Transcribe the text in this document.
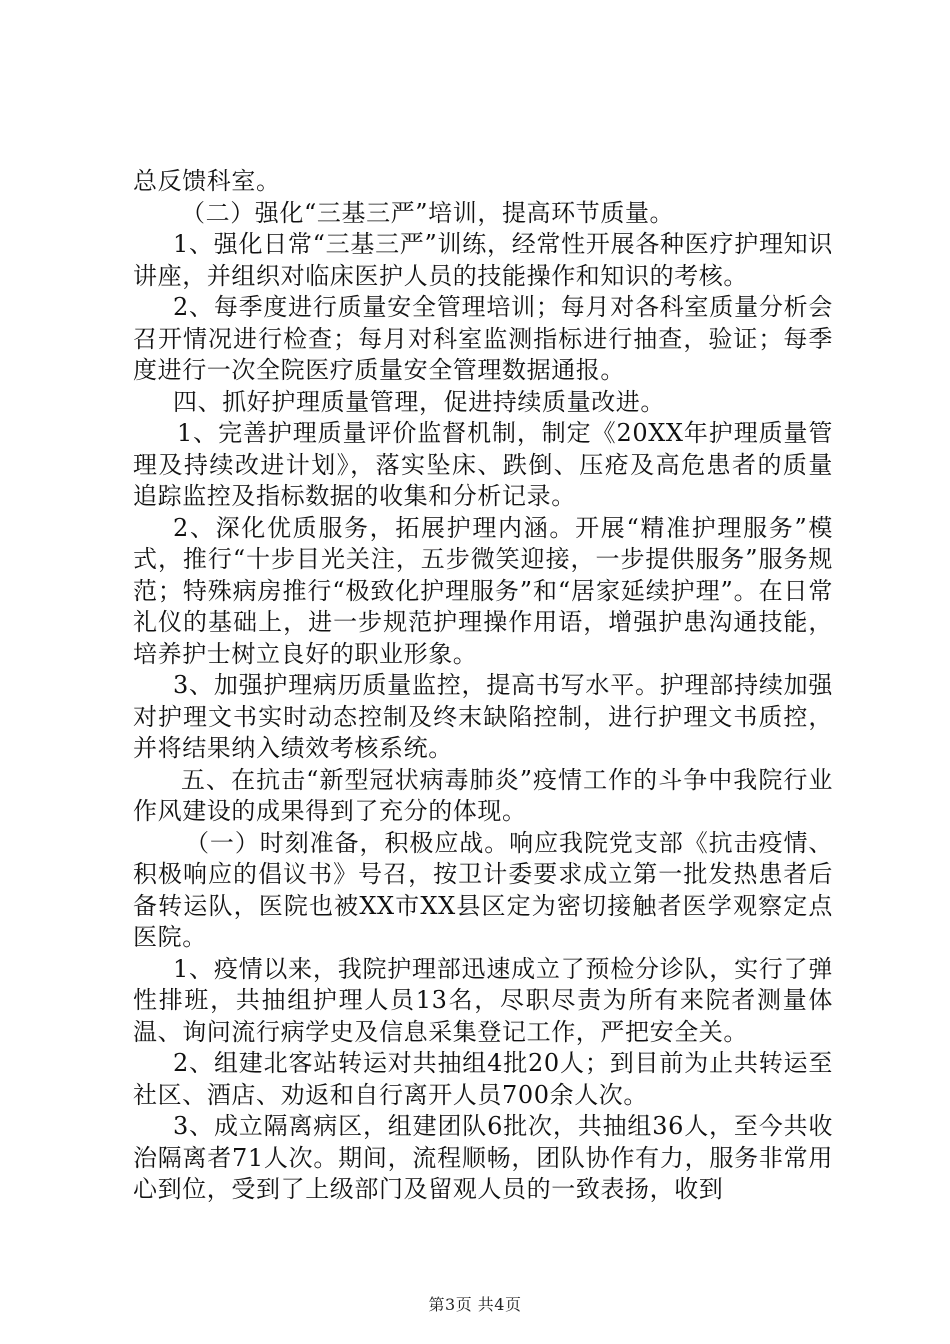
总反馈科室。

（二）强化“三基三严”培训，提高环节质量。

1、强化日常“三基三严”训练，经常性开展各种医疗护理知识讲座，并组织对临床医护人员的技能操作和知识的考核。

2、每季度进行质量安全管理培训；每月对各科室质量分析会召开情况进行检查；每月对科室监测指标进行抽查，验证；每季度进行一次全院医疗质量安全管理数据通报。

四、抓好护理质量管理，促进持续质量改进。

1、完善护理质量评价监督机制，制定《20XX年护理质量管理及持续改进计划》，落实坠床、跌倒、压疮及高危患者的质量追踪监控及指标数据的收集和分析记录。

2、深化优质服务，拓展护理内涵。开展“精准护理服务”模式，推行“十步目光关注，五步微笑迎接，一步提供服务”服务规范；特殊病房推行“极致化护理服务”和“居家延续护理”。在日常礼仪的基础上，进一步规范护理操作用语，增强护患沟通技能，培养护士树立良好的职业形象。

3、加强护理病历质量监控，提高书写水平。护理部持续加强对护理文书实时动态控制及终末缺陷控制，进行护理文书质控，并将结果纳入绩效考核系统。

五、在抗击“新型冠状病毒肺炎”疫情工作的斗争中我院行业作风建设的成果得到了充分的体现。

（一）时刻准备，积极应战。响应我院党支部《抗击疫情、积极响应的倡议书》号召，按卫计委要求成立第一批发热患者后备转运队，医院也被XX市XX县区定为密切接触者医学观察定点医院。

1、疫情以来，我院护理部迅速成立了预检分诊队，实行了弹性排班，共抽组护理人员13名，尽职尽责为所有来院者测量体温、询问流行病学史及信息采集登记工作，严把安全关。

2、组建北客站转运对共抽组4批20人；到目前为止共转运至社区、酒店、劝返和自行离开人员700余人次。

3、成立隔离病区，组建团队6批次，共抽组36人，至今共收治隔离者71人次。期间，流程顺畅，团队协作有力，服务非常用心到位，受到了上级部门及留观人员的一致表扬，收到

第3页 共4页
